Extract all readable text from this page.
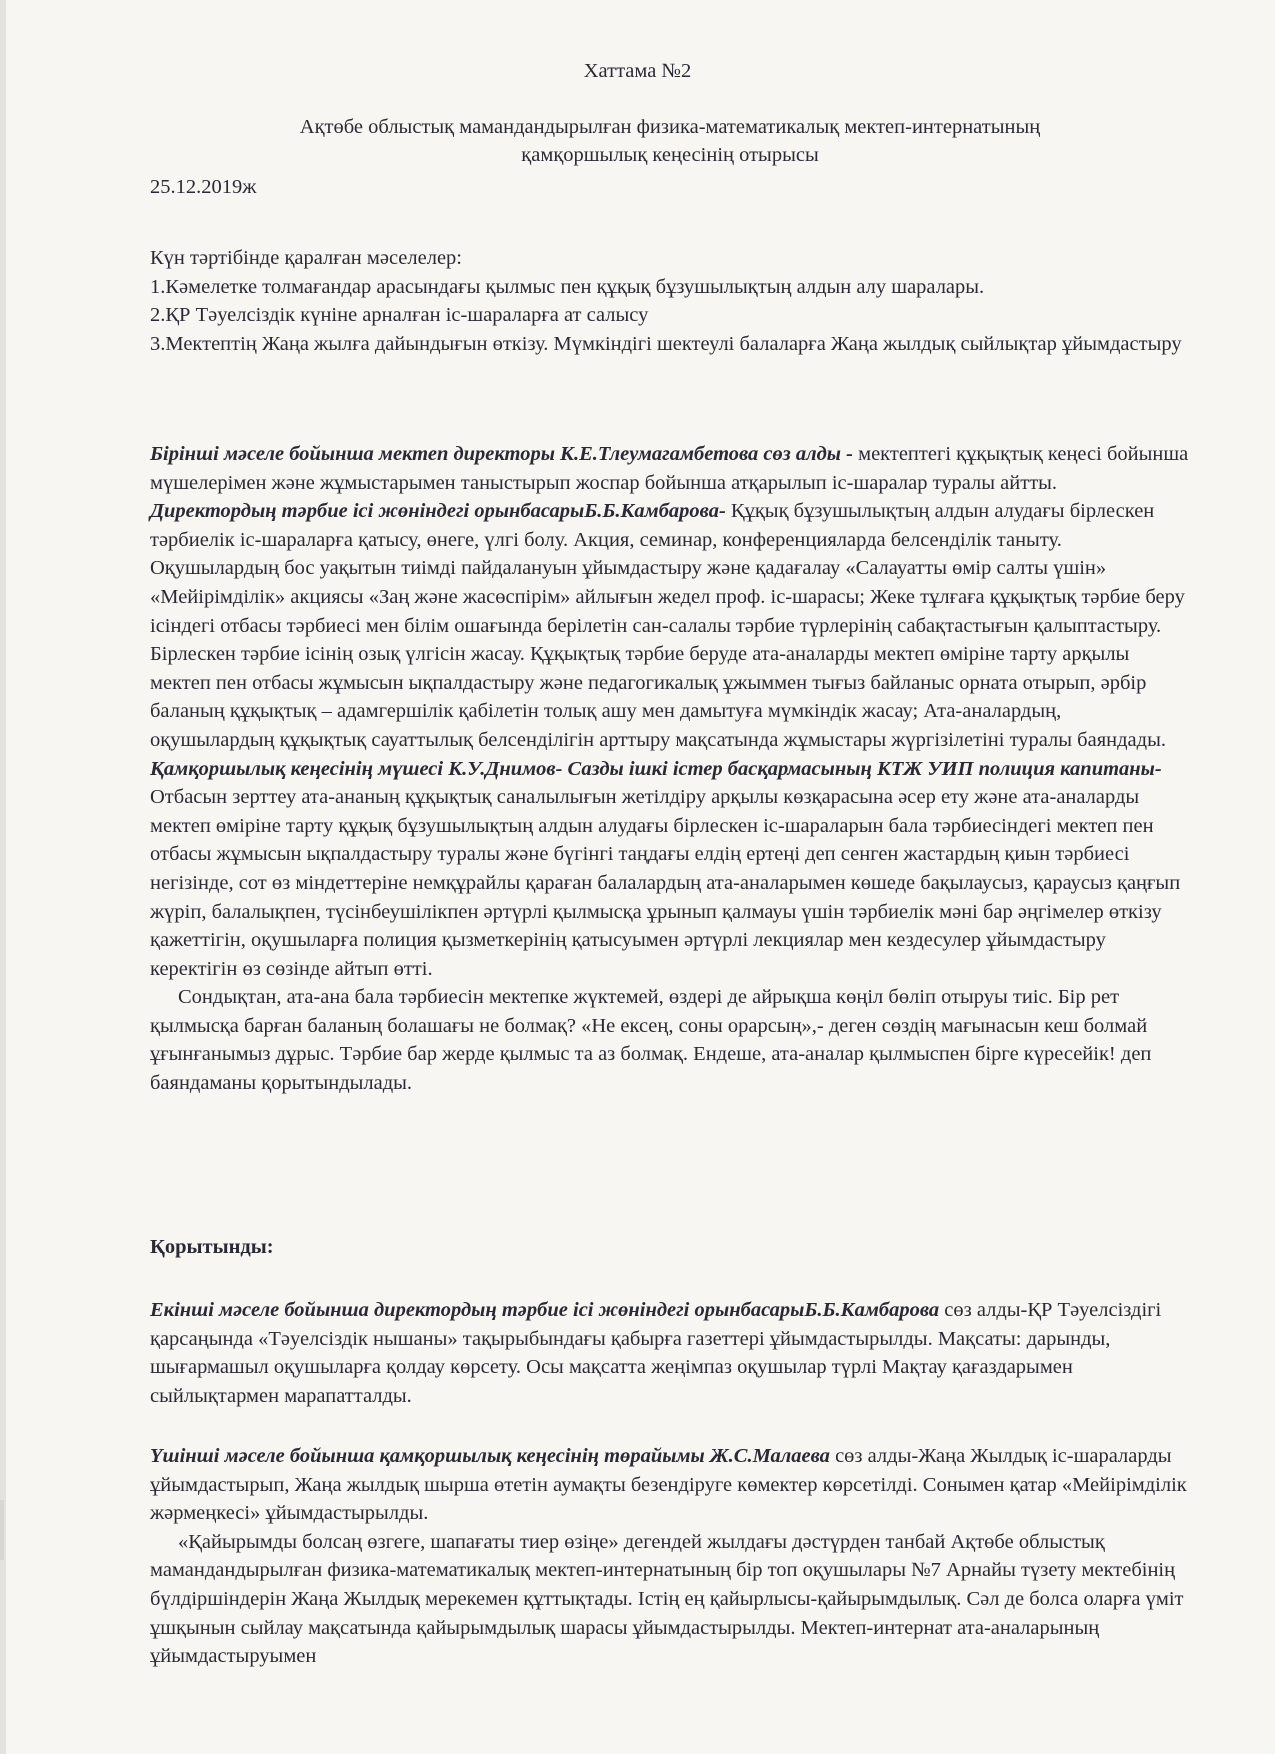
Хаттама №2
Ақтөбе облыстық мамандандырылған физика-математикалық мектеп-интернатының
қамқоршылық кеңесінің отырысы
25.12.2019ж

Күн тәртібінде қаралған мәселелер:

1.Кәмелетке толмағандар арасындағы қылмыс пен құқық бұзушылықтың алдын алу шаралары.

2.ҚР Тәуелсіздік күніне арналған іс-шараларға ат салысу

3.Мектептің Жаңа жылға дайындығын өткізу. Мүмкіндігі шектеулі балаларға Жаңа жылдық сыйлықтар ұйымдастыру

Бірінші мәселе бойынша мектеп директоры К.Е.Тлеумагамбетова сөз алды - мектептегі құқықтық кеңесі бойынша мүшелерімен және жұмыстарымен таныстырып жоспар бойынша атқарылып іс-шаралар туралы айтты.

Директордың тәрбие ісі жөніндегі орынбасарыБ.Б.Камбарова- Құқық бұзушылықтың алдын алудағы бірлескен тәрбиелік іс-шараларға қатысу, өнеге, үлгі болу. Акция, семинар, конференцияларда белсенділік таныту. Оқушылардың бос уақытын тиімді пайдалануын ұйымдастыру және қадағалау «Салауатты өмір салты үшін» «Мейірімділік» акциясы «Заң және жасөспірім» айлығын жедел проф. іс-шарасы; Жеке тұлғаға құқықтық тәрбие беру ісіндегі отбасы тәрбиесі мен білім ошағында берілетін сан-салалы тәрбие түрлерінің сабақтастығын қалыптастыру. Бірлескен тәрбие ісінің озық үлгісін жасау. Құқықтық тәрбие беруде ата-аналарды мектеп өміріне тарту арқылы мектеп пен отбасы жұмысын ықпалдастыру және педагогикалық ұжыммен тығыз байланыс орната отырып, әрбір баланың құқықтық – адамгершілік қабілетін толық ашу мен дамытуға мүмкіндік жасау; Ата-аналардың, оқушылардың құқықтық сауаттылық белсенділігін арттыру мақсатында жұмыстары жүргізілетіні туралы баяндады.

Қамқоршылық кеңесінің мүшесі К.У.Днимов- Сазды ішкі істер басқармасының КТЖ УИП полиция капитаны- Отбасын зерттеу ата-ананың құқықтық саналылығын жетілдіру арқылы көзқарасына әсер ету және ата-аналарды мектеп өміріне тарту құқық бұзушылықтың алдын алудағы бірлескен іс-шараларын бала тәрбиесіндегі мектеп пен отбасы жұмысын ықпалдастыру туралы және бүгінгі таңдағы елдің ертеңі деп сенген жастардың қиын тәрбиесі негізінде, сот өз міндеттеріне немқұрайлы қараған балалардың ата-аналарымен көшеде бақылаусыз, қараусыз қаңғып жүріп, балалықпен, түсінбеушілікпен әртүрлі қылмысқа ұрынып қалмауы үшін тәрбиелік мәні бар әңгімелер өткізу қажеттігін, оқушыларға полиция қызметкерінің қатысуымен әртүрлі лекциялар мен кездесулер ұйымдастыру керектігін өз сөзінде айтып өтті.

Сондықтан, ата-ана бала тәрбиесін мектепке жүктемей, өздері де айрықша көңіл бөліп отыруы тиіс. Бір рет қылмысқа барған баланың болашағы не болмақ? «Не ексең, соны орарсың»,- деген сөздің мағынасын кеш болмай ұғынғанымыз дұрыс. Тәрбие бар жерде қылмыс та аз болмақ. Ендеше, ата-аналар қылмыспен бірге күресейік! деп баяндаманы қорытындылады.

Қорытынды:

Екінші мәселе бойынша директордың тәрбие ісі жөніндегі орынбасарыБ.Б.Камбарова сөз алды-ҚР Тәуелсіздігі қарсаңында «Тәуелсіздік нышаны» тақырыбындағы қабырға газеттері ұйымдастырылды. Мақсаты: дарынды, шығармашыл оқушыларға қолдау көрсету. Осы мақсатта жеңімпаз оқушылар түрлі Мақтау қағаздарымен сыйлықтармен марапатталды.

Үшінші мәселе бойынша қамқоршылық кеңесінің төрайымы Ж.С.Малаева сөз алды-Жаңа Жылдық іс-шараларды ұйымдастырып, Жаңа жылдық шырша өтетін аумақты безендіруге көмектер көрсетілді. Сонымен қатар «Мейірімділік жәрмеңкесі» ұйымдастырылды.

«Қайырымды болсаң өзгеге, шапағаты тиер өзіңе» дегендей жылдағы дәстүрден танбай Ақтөбе облыстық мамандандырылған физика-математикалық мектеп-интернатының бір топ оқушылары №7 Арнайы түзету мектебінің бүлдіршіндерін Жаңа Жылдық мерекемен құттықтады. Істің ең қайырлысы-қайырымдылық. Сәл де болса оларға үміт ұшқынын сыйлау мақсатында қайырымдылық шарасы ұйымдастырылды. Мектеп-интернат ата-аналарының ұйымдастыруымен
